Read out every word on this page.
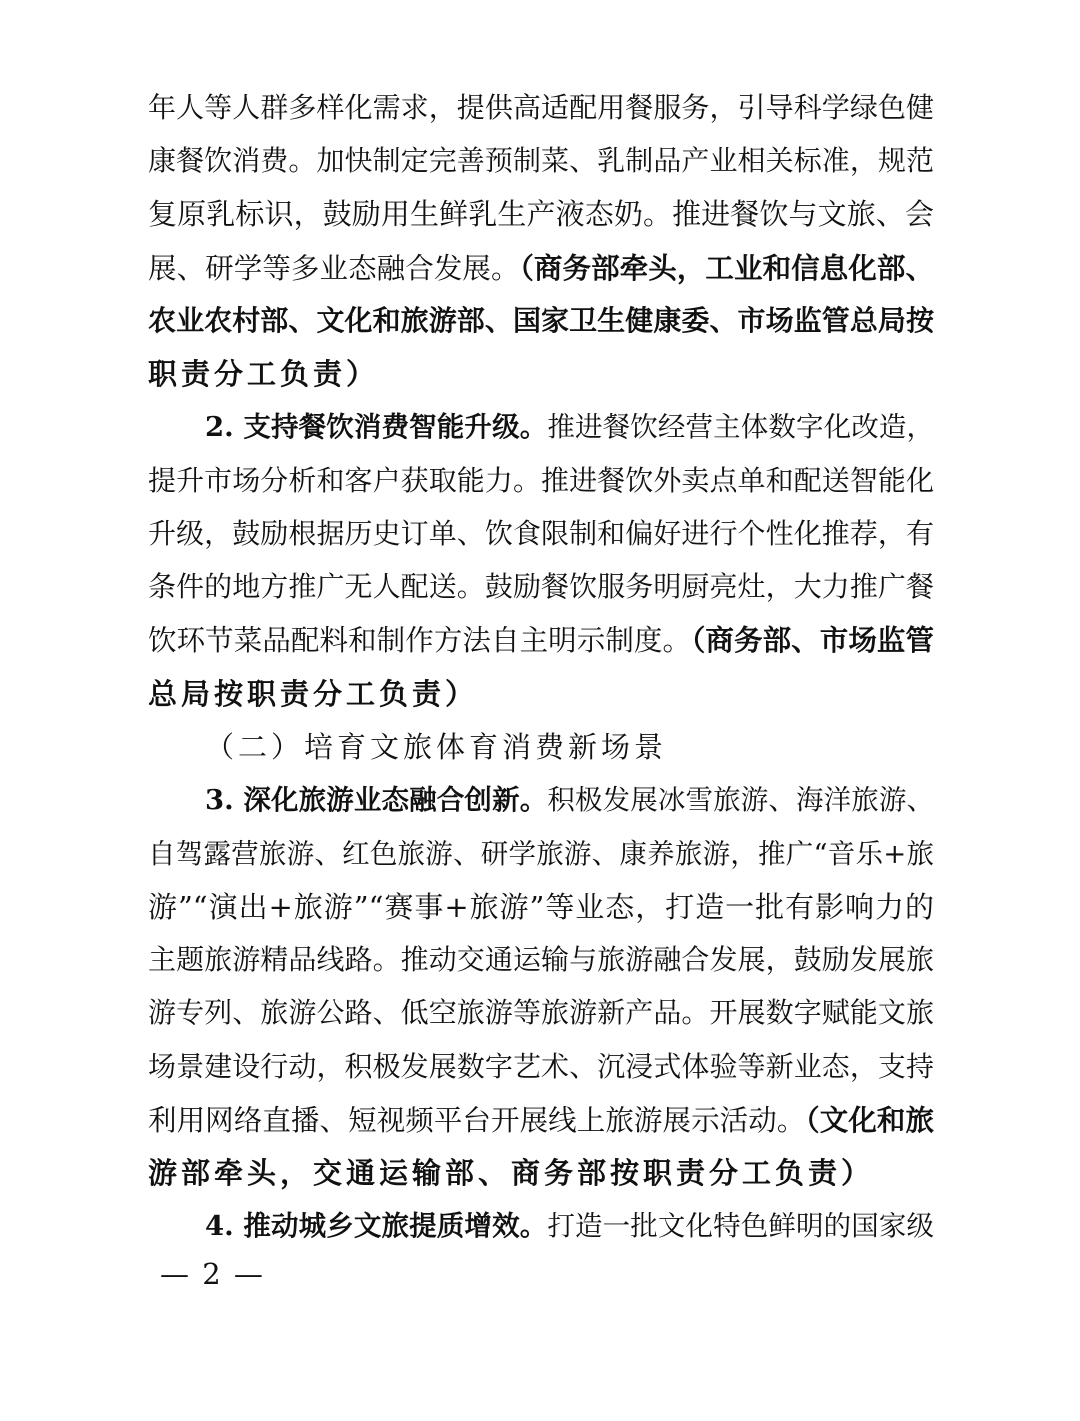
年人等人群多样化需求，提供高适配用餐服务，引导科学绿色健
康餐饮消费。加快制定完善预制菜、乳制品产业相关标准，规范
复原乳标识，鼓励用生鲜乳生产液态奶。推进餐饮与文旅、会
展、研学等多业态融合发展。（商务部牵头，工业和信息化部、
农业农村部、文化和旅游部、国家卫生健康委、市场监管总局按
职责分工负责）
2. 支持餐饮消费智能升级。推进餐饮经营主体数字化改造，
提升市场分析和客户获取能力。推进餐饮外卖点单和配送智能化
升级，鼓励根据历史订单、饮食限制和偏好进行个性化推荐，有
条件的地方推广无人配送。鼓励餐饮服务明厨亮灶，大力推广餐
饮环节菜品配料和制作方法自主明示制度。（商务部、市场监管
总局按职责分工负责）
（二）培育文旅体育消费新场景
3. 深化旅游业态融合创新。积极发展冰雪旅游、海洋旅游、
自驾露营旅游、红色旅游、研学旅游、康养旅游，推广“音乐+旅
游”“演出+旅游”“赛事+旅游”等业态，打造一批有影响力的
主题旅游精品线路。推动交通运输与旅游融合发展，鼓励发展旅
游专列、旅游公路、低空旅游等旅游新产品。开展数字赋能文旅
场景建设行动，积极发展数字艺术、沉浸式体验等新业态，支持
利用网络直播、短视频平台开展线上旅游展示活动。（文化和旅
游部牵头，交通运输部、商务部按职责分工负责）
4. 推动城乡文旅提质增效。打造一批文化特色鲜明的国家级
— 2 —
